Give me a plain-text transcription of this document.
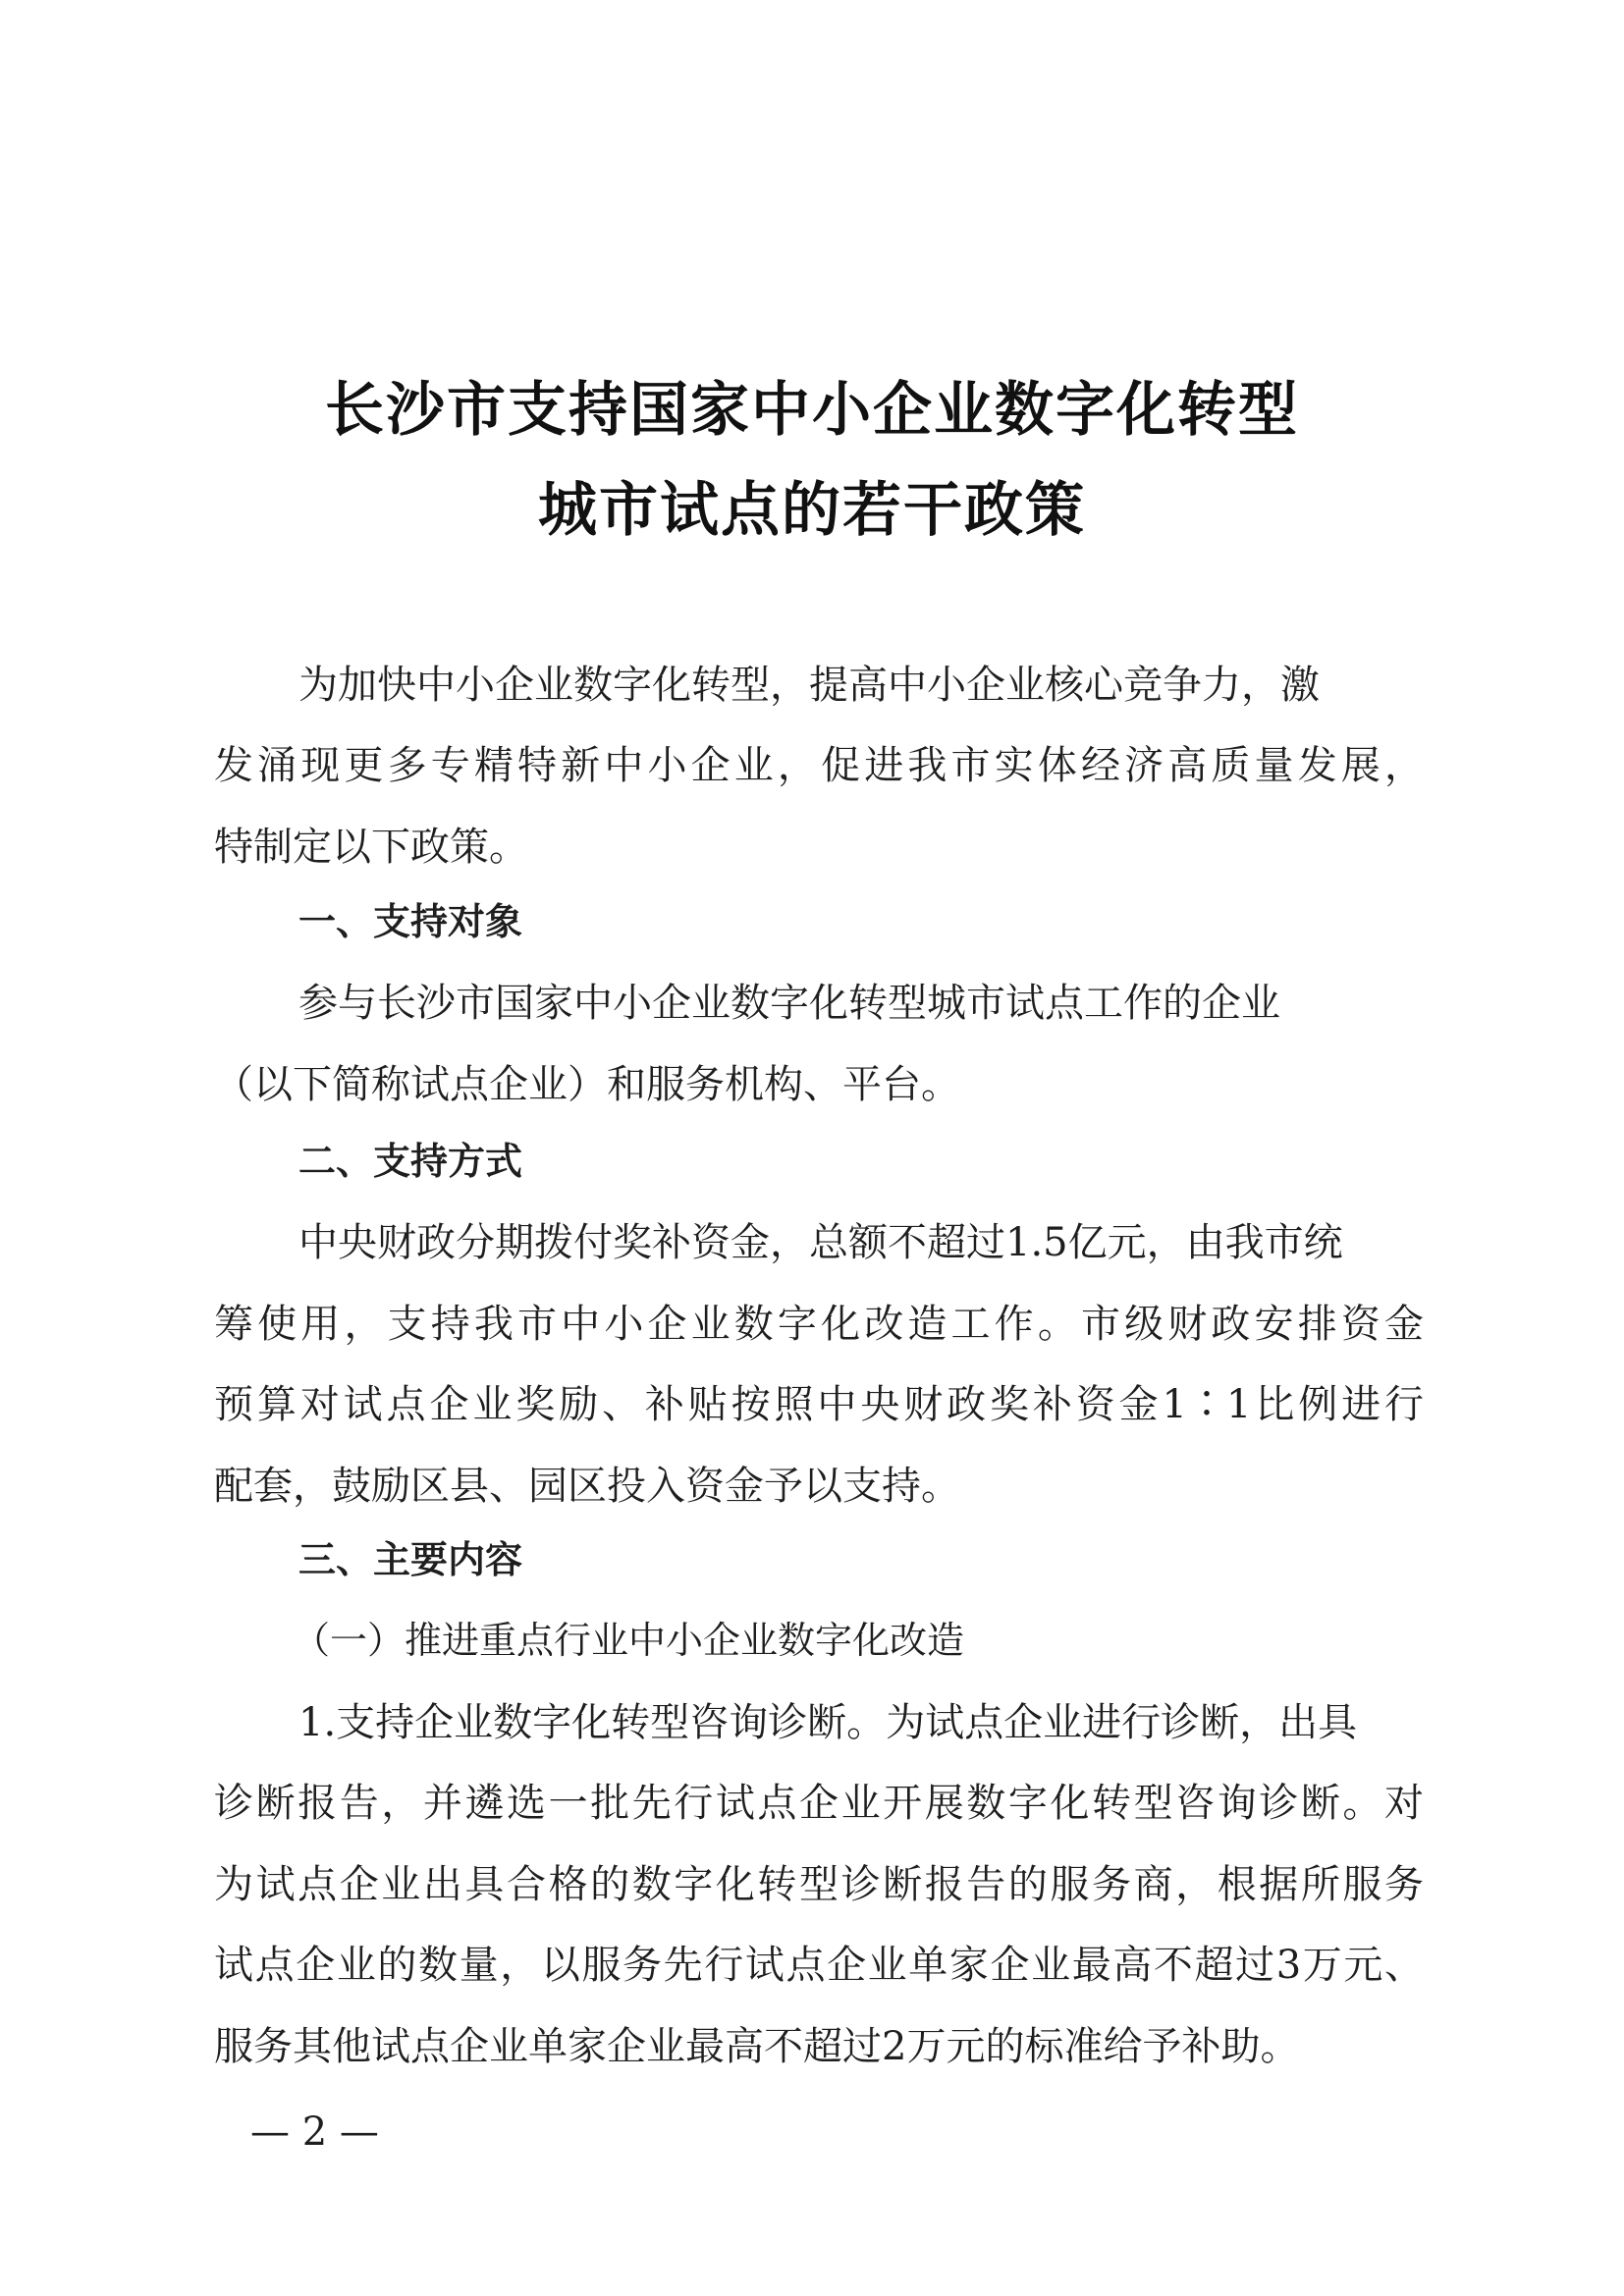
长沙市支持国家中小企业数字化转型
城市试点的若干政策
为加快中小企业数字化转型，提高中小企业核心竞争力，激
发涌现更多专精特新中小企业，促进我市实体经济高质量发展，
特制定以下政策。
一、支持对象
参与长沙市国家中小企业数字化转型城市试点工作的企业
（以下简称试点企业）和服务机构、平台。
二、支持方式
中央财政分期拨付奖补资金，总额不超过1.5亿元，由我市统
筹使用，支持我市中小企业数字化改造工作。市级财政安排资金
预算对试点企业奖励、补贴按照中央财政奖补资金1∶1比例进行
配套，鼓励区县、园区投入资金予以支持。
三、主要内容
（一）推进重点行业中小企业数字化改造
1.支持企业数字化转型咨询诊断。为试点企业进行诊断，出具
诊断报告，并遴选一批先行试点企业开展数字化转型咨询诊断。对
为试点企业出具合格的数字化转型诊断报告的服务商，根据所服务
试点企业的数量，以服务先行试点企业单家企业最高不超过3万元、
服务其他试点企业单家企业最高不超过2万元的标准给予补助。
— 2 —
